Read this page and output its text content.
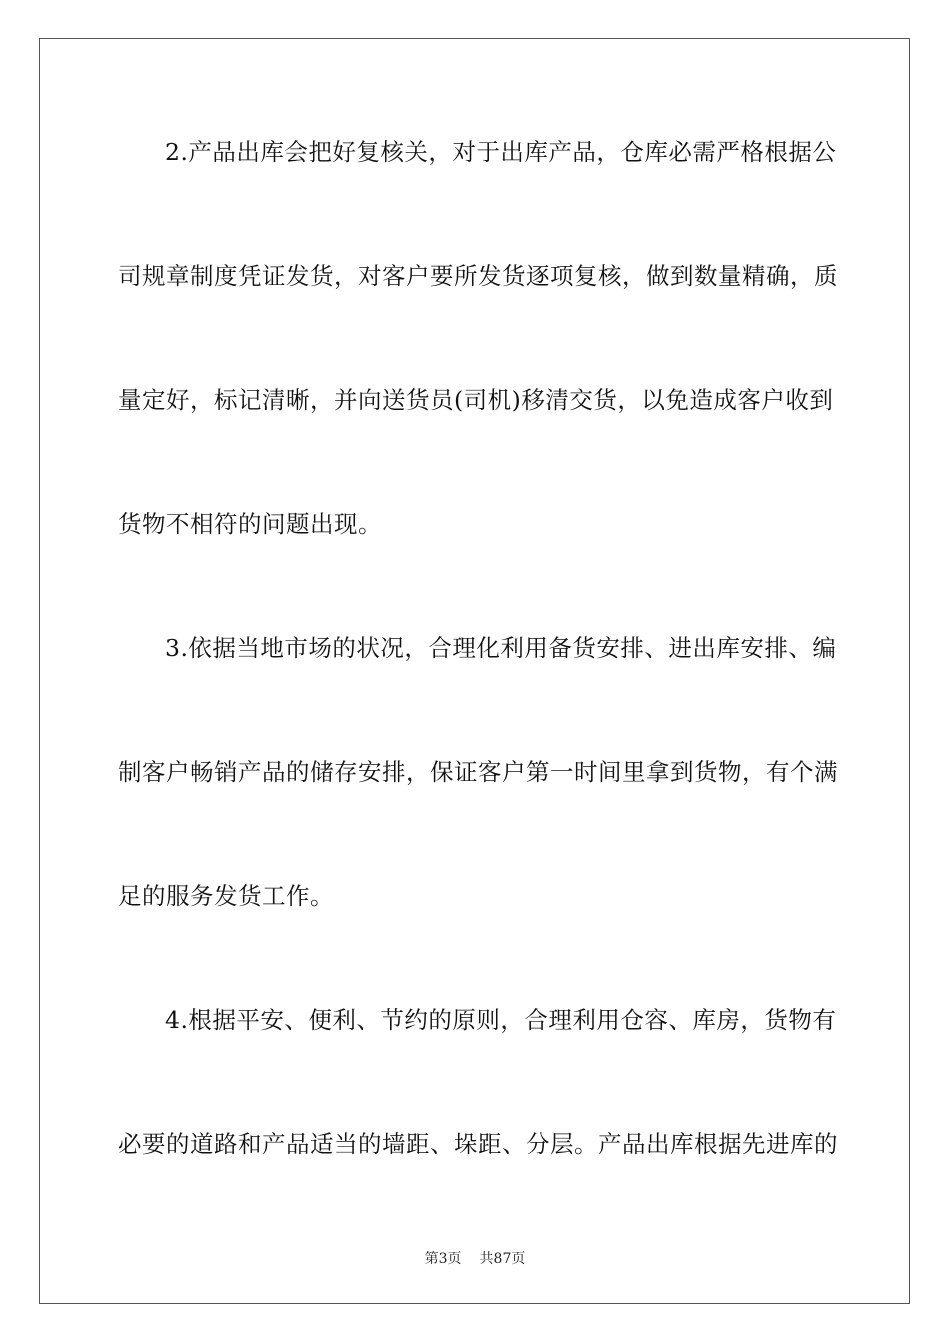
2.产品出库会把好复核关，对于出库产品，仓库必需严格根据公
司规章制度凭证发货，对客户要所发货逐项复核，做到数量精确，质
量定好，标记清晰，并向送货员(司机)移清交货，以免造成客户收到
货物不相符的问题出现。
3.依据当地市场的状况，合理化利用备货安排、进出库安排、编
制客户畅销产品的储存安排，保证客户第一时间里拿到货物，有个满
足的服务发货工作。
4.根据平安、便利、节约的原则，合理利用仓容、库房，货物有
必要的道路和产品适当的墙距、垛距、分层。产品出库根据先进库的
第3页 共87页
